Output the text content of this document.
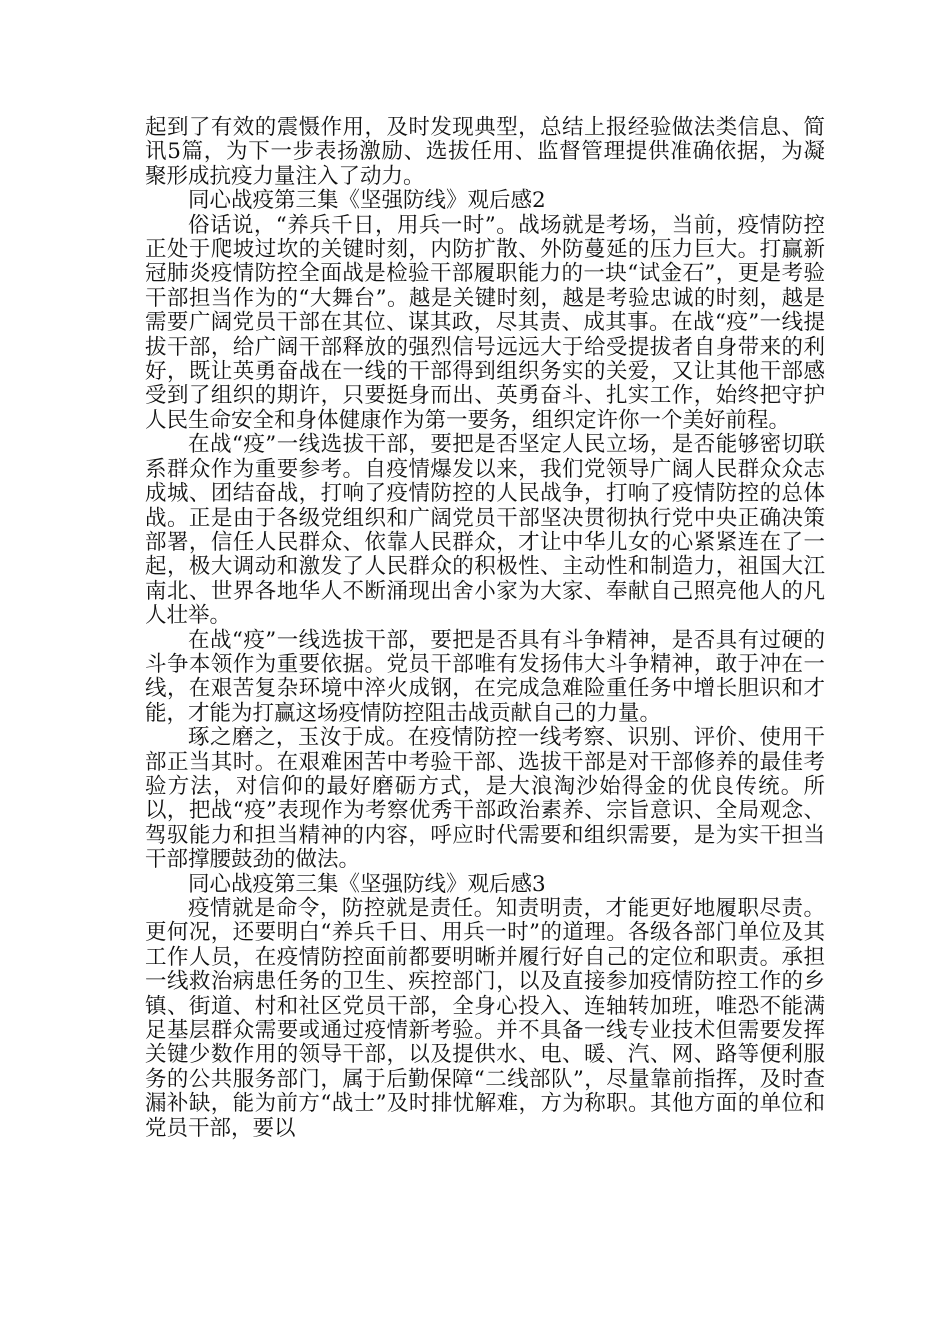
起到了有效的震慑作用，及时发现典型，总结上报经验做法类信息、简讯5篇，为下一步表扬激励、选拔任用、监督管理提供准确依据，为凝聚形成抗疫力量注入了动力。

同心战疫第三集《坚强防线》观后感2

俗话说，“养兵千日，用兵一时”。战场就是考场，当前，疫情防控正处于爬坡过坎的关键时刻，内防扩散、外防蔓延的压力巨大。打赢新冠肺炎疫情防控全面战是检验干部履职能力的一块“试金石”，更是考验干部担当作为的“大舞台”。越是关键时刻，越是考验忠诚的时刻，越是需要广阔党员干部在其位、谋其政，尽其责、成其事。在战“疫”一线提拔干部，给广阔干部释放的强烈信号远远大于给受提拔者自身带来的利好，既让英勇奋战在一线的干部得到组织务实的关爱，又让其他干部感受到了组织的期许，只要挺身而出、英勇奋斗、扎实工作，始终把守护人民生命安全和身体健康作为第一要务，组织定许你一个美好前程。

在战“疫”一线选拔干部，要把是否坚定人民立场，是否能够密切联系群众作为重要参考。自疫情爆发以来，我们党领导广阔人民群众众志成城、团结奋战，打响了疫情防控的人民战争，打响了疫情防控的总体战。正是由于各级党组织和广阔党员干部坚决贯彻执行党中央正确决策部署，信任人民群众、依靠人民群众，才让中华儿女的心紧紧连在了一起，极大调动和激发了人民群众的积极性、主动性和制造力，祖国大江南北、世界各地华人不断涌现出舍小家为大家、奉献自己照亮他人的凡人壮举。

在战“疫”一线选拔干部，要把是否具有斗争精神，是否具有过硬的斗争本领作为重要依据。党员干部唯有发扬伟大斗争精神，敢于冲在一线，在艰苦复杂环境中淬火成钢，在完成急难险重任务中增长胆识和才能，才能为打赢这场疫情防控阻击战贡献自己的力量。

琢之磨之，玉汝于成。在疫情防控一线考察、识别、评价、使用干部正当其时。在艰难困苦中考验干部、选拔干部是对干部修养的最佳考验方法，对信仰的最好磨砺方式，是大浪淘沙始得金的优良传统。所以，把战“疫”表现作为考察优秀干部政治素养、宗旨意识、全局观念、驾驭能力和担当精神的内容，呼应时代需要和组织需要，是为实干担当干部撑腰鼓劲的做法。

同心战疫第三集《坚强防线》观后感3

疫情就是命令，防控就是责任。知责明责，才能更好地履职尽责。更何况，还要明白“养兵千日、用兵一时”的道理。各级各部门单位及其工作人员，在疫情防控面前都要明晰并履行好自己的定位和职责。承担一线救治病患任务的卫生、疾控部门，以及直接参加疫情防控工作的乡镇、街道、村和社区党员干部，全身心投入、连轴转加班，唯恐不能满足基层群众需要或通过疫情新考验。并不具备一线专业技术但需要发挥关键少数作用的领导干部，以及提供水、电、暖、汽、网、路等便利服务的公共服务部门，属于后勤保障“二线部队”，尽量靠前指挥，及时查漏补缺，能为前方“战士”及时排忧解难，方为称职。其他方面的单位和党员干部，要以
